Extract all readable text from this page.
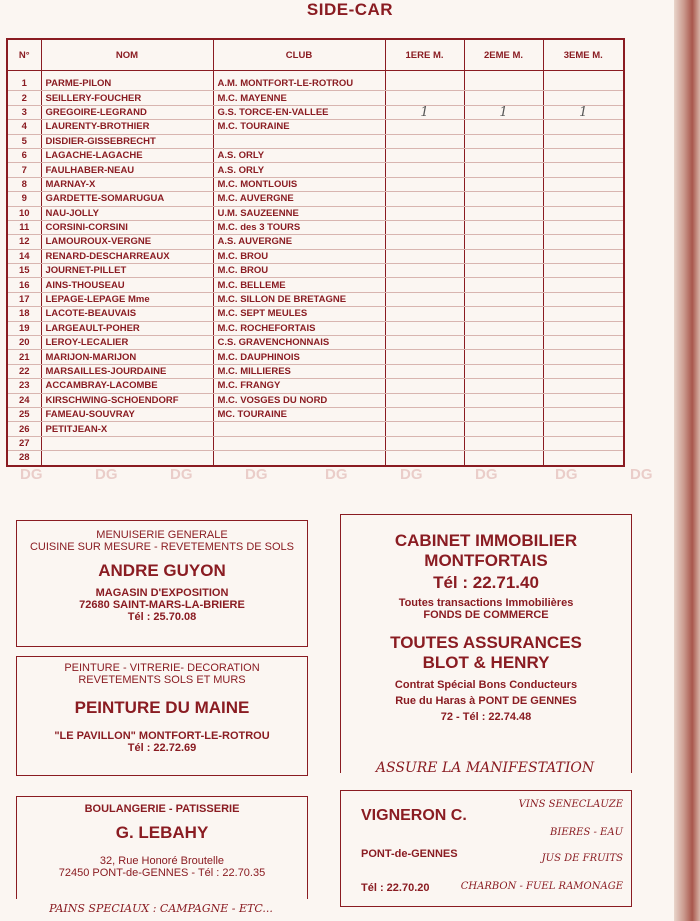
SIDE-CAR
N°	NOM	CLUB	1ERE M.	2EME M.	3EME M.

1	PARME-PILON	A.M. MONTFORT-LE-ROTROU			
2	SEILLERY-FOUCHER	M.C. MAYENNE			
3	GREGOIRE-LEGRAND	G.S. TORCE-EN-VALLEE	1	1	1
4	LAURENTY-BROTHIER	M.C. TOURAINE			
5	DISDIER-GISSEBRECHT				
6	LAGACHE-LAGACHE	A.S. ORLY			
7	FAULHABER-NEAU	A.S. ORLY			
8	MARNAY-X	M.C. MONTLOUIS			
9	GARDETTE-SOMARUGUA	M.C. AUVERGNE			
10	NAU-JOLLY	U.M. SAUZEENNE			
11	CORSINI-CORSINI	M.C. des 3 TOURS			
12	LAMOUROUX-VERGNE	A.S. AUVERGNE			
14	RENARD-DESCHARREAUX	M.C. BROU			
15	JOURNET-PILLET	M.C. BROU			
16	AINS-THOUSEAU	M.C. BELLEME			
17	LEPAGE-LEPAGE Mme	M.C. SILLON DE BRETAGNE			
18	LACOTE-BEAUVAIS	M.C. SEPT MEULES			
19	LARGEAULT-POHER	M.C. ROCHEFORTAIS			
20	LEROY-LECALIER	C.S. GRAVENCHONNAIS			
21	MARIJON-MARIJON	M.C. DAUPHINOIS			
22	MARSAILLES-JOURDAINE	M.C. MILLIERES			
23	ACCAMBRAY-LACOMBE	M.C. FRANGY			
24	KIRSCHWING-SCHOENDORF	M.C. VOSGES DU NORD			
25	FAMEAU-SOUVRAY	MC. TOURAINE			
26	PETITJEAN-X				
27					
28					
DG	DG	DG	DG	DG	DG	DG	DG	DG
MENUISERIE GENERALE
CUISINE SUR MESURE - REVETEMENTS DE SOLS
ANDRE GUYON
MAGASIN D'EXPOSITION
72680 SAINT-MARS-LA-BRIERE
Tél : 25.70.08
PEINTURE - VITRERIE- DECORATION
REVETEMENTS SOLS ET MURS
PEINTURE DU MAINE
"LE PAVILLON" MONTFORT-LE-ROTROU
Tél : 22.72.69
BOULANGERIE - PATISSERIE
G. LEBAHY
32, Rue Honoré Broutelle
72450 PONT-de-GENNES - Tél : 22.70.35
PAINS SPECIAUX : CAMPAGNE - ETC...
CABINET IMMOBILIER
MONTFORTAIS
Tél : 22.71.40
Toutes transactions Immobilières
FONDS DE COMMERCE
TOUTES ASSURANCES
BLOT & HENRY
Contrat Spécial Bons Conducteurs
Rue du Haras à PONT DE GENNES
72 - Tél : 22.74.48
ASSURE LA MANIFESTATION
VIGNERON C.
PONT-de-GENNES
Tél : 22.70.20
VINS SENECLAUZE
BIERES - EAU
JUS DE FRUITS
CHARBON - FUEL RAMONAGE
